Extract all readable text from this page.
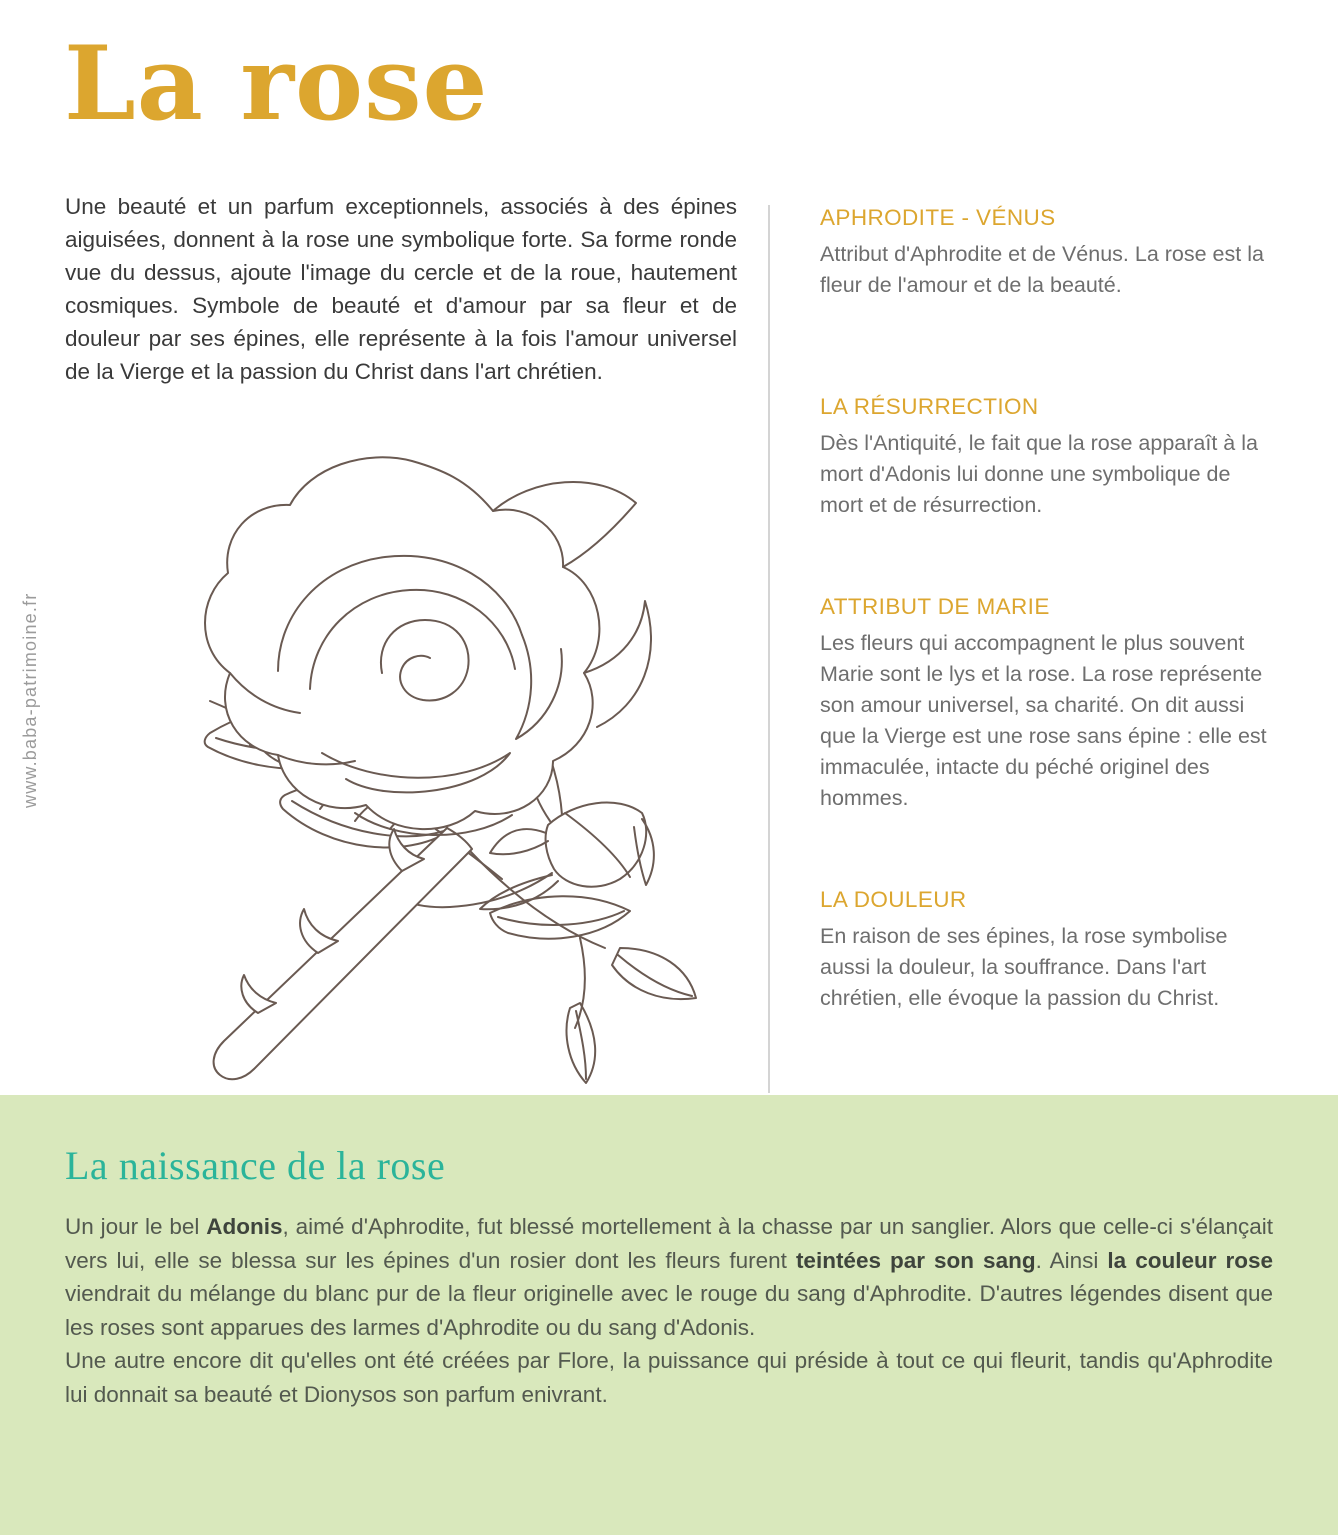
La rose

Une beauté et un parfum exceptionnels, associés à des épines aiguisées, donnent à la rose une symbolique forte. Sa forme ronde vue du dessus, ajoute l'image du cercle et de la roue, hautement cosmiques. Symbole de beauté et d'amour par sa fleur et de douleur par ses épines, elle représente à la fois l'amour universel de la Vierge et la passion du Christ dans l'art chrétien.

www.baba-patrimoine.fr
APHRODITE - VÉNUS

Attribut d'Aphrodite et de Vénus. La rose est la fleur de l'amour et de la beauté.

LA RÉSURRECTION

Dès l'Antiquité, le fait que la rose apparaît à la mort d'Adonis lui donne une symbolique de mort et de résurrection.

ATTRIBUT DE MARIE

Les fleurs qui accompagnent le plus souvent Marie sont le lys et la rose. La rose représente son amour universel, sa charité. On dit aussi que la Vierge est une rose sans épine : elle est immaculée, intacte du péché originel des hommes.

LA DOULEUR

En raison de ses épines, la rose symbolise aussi la douleur, la souffrance. Dans l'art chrétien, elle évoque la passion du Christ.

La naissance de la rose

Un jour le bel Adonis, aimé d'Aphrodite, fut blessé mortellement à la chasse par un sanglier. Alors que celle-ci s'élançait vers lui, elle se blessa sur les épines d'un rosier dont les fleurs furent teintées par son sang. Ainsi la couleur rose viendrait du mélange du blanc pur de la fleur originelle avec le rouge du sang d'Aphrodite. D'autres légendes disent que les roses sont apparues des larmes d'Aphrodite ou du sang d'Adonis.

Une autre encore dit qu'elles ont été créées par Flore, la puissance qui préside à tout ce qui fleurit, tandis qu'Aphrodite lui donnait sa beauté et Dionysos son parfum enivrant.
